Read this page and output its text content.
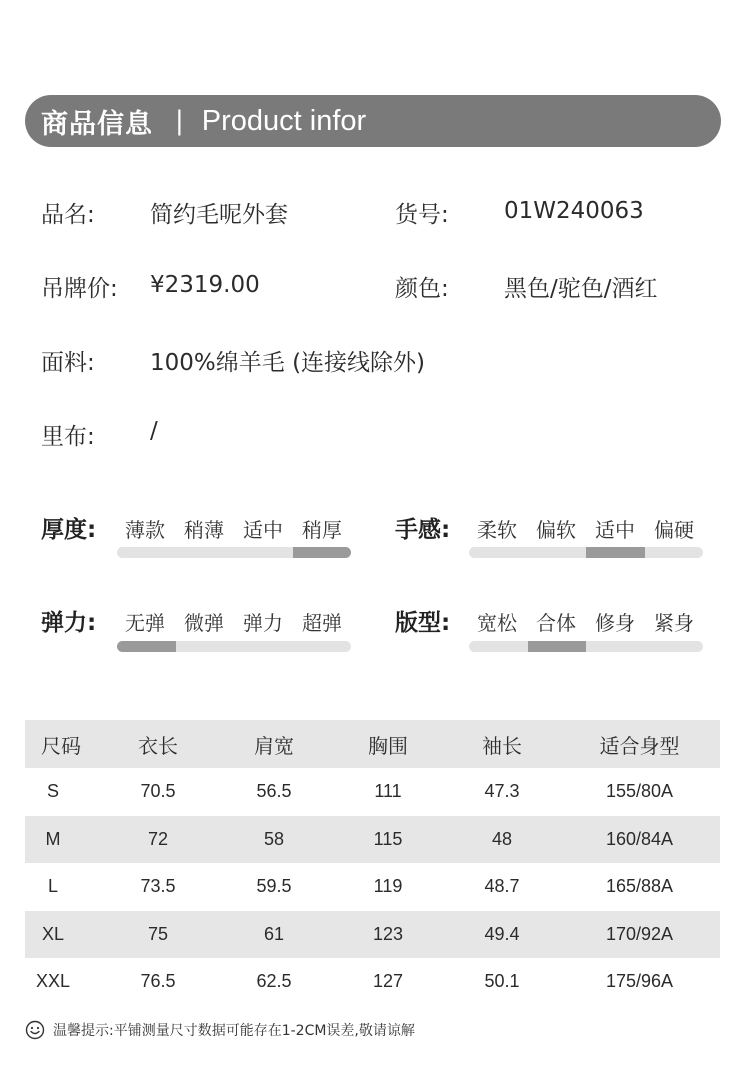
商品信息 | Product infor
品名: 简约毛呢外套	货号: 01W240063
吊牌价: ¥2319.00	颜色: 黑色/驼色/酒红
面料: 100%绵羊毛 (连接线除外)
里布: /
厚度: 薄款 稍薄 适中 稍厚	手感: 柔软 偏软 适中 偏硬
弹力: 无弹 微弹 弹力 超弹	版型: 宽松 合体 修身 紧身
尺码	衣长	肩宽	胸围	袖长	适合身型
S	70.5	56.5	111	47.3	155/80A
M	72	58	115	48	160/84A
L	73.5	59.5	119	48.7	165/88A
XL	75	61	123	49.4	170/92A
XXL	76.5	62.5	127	50.1	175/96A
温馨提示:平铺测量尺寸数据可能存在1-2CM误差,敬请谅解
